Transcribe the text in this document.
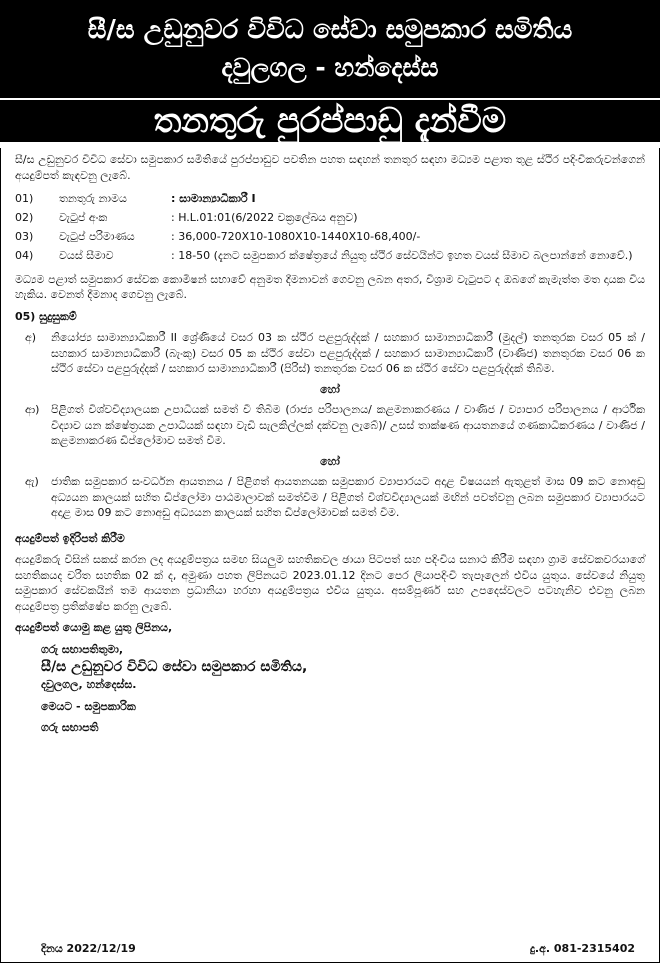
සී/ස උඩුනුවර විවිධ සේවා සමුපකාර සමිතිය
දවුලගල - හන්දෙස්ස
තනතුරු පුරප්පාඩු දැන්වීම

සී/ස උඩුනුවර විවිධ සේවා සමුපකාර සමිතියේ පුරප්පාඩුව පවතින පහත සඳහන් තනතුර සඳහා මධ්‍යම පළාත තුළ ස්ථිර පදිංචිකරුවන්ගෙන් අයදුම්පත් කැඳවනු ලැබේ.

01)	තනතුරු නාමය	: සාමාන්‍යාධිකාරී I
02)	වැටුප් අංක	: H.L.01:01(6/2022 චක්‍රලේඛය අනුව)
03)	වැටුප් පරිමාණය	: 36,000-720X10-1080X10-1440X10-68,400/-
04)	වයස් සීමාව	: 18-50 (දැනට සමුපකාර ක්ෂේත්‍රයේ නියුතු ස්ථිර සේවයින්ට ඉහත වයස් සීමාව බලපාන්නේ නොවේ.)

මධ්‍යම පළාත් සමුපකාර සේවක කොමිෂන් සභාවේ අනුමත දීමනාවන් ගෙවනු ලබන අතර, විශ්‍රාම වැටුපට ද ඔබගේ කැමැත්ත මත දායක විය හැකිය. වෙනත් දීමනාද ගෙවනු ලැබේ.

05) සුදුසුකම්
අ)	නියෝජ්‍ය සාමාන්‍යාධිකාරී II ශ්‍රේණියේ වසර 03 ක ස්ථිර පළපුරුද්දක් / සහකාර සාමාන්‍යාධිකාරී (මුදල්) තනතුරක වසර 05 ක් / සහකාර සාමාන්‍යාධිකාරී (බැංකු) වසර 05 ක ස්ථිර සේවා පළපුරුද්දක් / සහකාර සාමාන්‍යාධිකාරී (වාණිජ) තනතුරක වසර 06 ක ස්ථිර සේවා පළපුරුද්දක් / සහකාර සාමාන්‍යාධිකාරී (පිරිස්) තනතුරක වසර 06 ක ස්ථිර සේවා පළපුරුද්දක් තිබීම.
හෝ
ආ)	පිළිගත් විශ්වවිද්‍යාලයක උපාධියක් සමත් වී තිබීම (රාජ්‍ය පරිපාලනය/ කළමනාකරණය / වාණිජ / ව්‍යාපාර පරිපාලනය / ආර්ථික විද්‍යාව යන ක්ෂේත්‍රයක උපාධියක් සඳහා වැඩි සැලකිල්ලක් දක්වනු ලැබේ)/ උසස් තාක්ෂණ ආයතනයේ ගණකාධිකරණය / වාණිජ / කළමනාකරණ ඩිප්ලෝමාව සමත් වීම.
හෝ
ඇ)	ජාතික සමුපකාර සංවර්ධන ආයතනය / පිළිගත් ආයතනයක සමුපකාර ව්‍යාපාරයට අදාළ විෂයයන් ඇතුළත් මාස 09 කට නොඅඩු අධ්‍යයන කාලයක් සහිත ඩිප්ලෝමා පාඨමාලාවක් සමත්වීම / පිළිගත් විශ්වවිද්‍යාලයක් මඟින් පවත්වනු ලබන සමුපකාර ව්‍යාපාරයට අදාළ මාස 09 කට නොඅඩු අධ්‍යයන කාලයක් සහිත ඩිප්ලෝමාවක් සමත් වීම.
අයදුම්පත් ඉදිරිපත් කිරීම

අයදුම්කරු විසින් සකස් කරන ලද අයදුම්පත්‍රය සමඟ සියලුම සහතිකවල ඡායා පිටපත් සහ පදිංචිය සනාථ කිරීම සඳහා ග්‍රාම සේවකවරයාගේ සහතිකයද චරිත සහතික 02 ක් ද, අමුණා පහත ලිපිනයට 2023.01.12 දිනට පෙර ලියාපදිංචි තැපෑලෙන් එවිය යුතුය. සේවයේ නියුතු සමුපකාර සේවකයින් තම ආයතන ප්‍රධානියා හරහා අයදුම්පත්‍රය එවිය යුතුය. අසම්පූර්ණ සහ උපදෙස්වලට පටහැනිව එවනු ලබන අයදුම්පත්‍ර ප්‍රතික්ෂේප කරනු ලැබේ.

අයදුම්පත් යොමු කළ යුතු ලිපිනය,
ගරු සභාපතිතුමා,
සී/ස උඩුනුවර විවිධ සේවා සමුපකාර සමිතිය,
දවුලගල, හන්දෙස්ස.
මෙයට - සමුපකාරික
ගරු සභාපති
දිනය 2022/12/19	දු.අ. 081-2315402
